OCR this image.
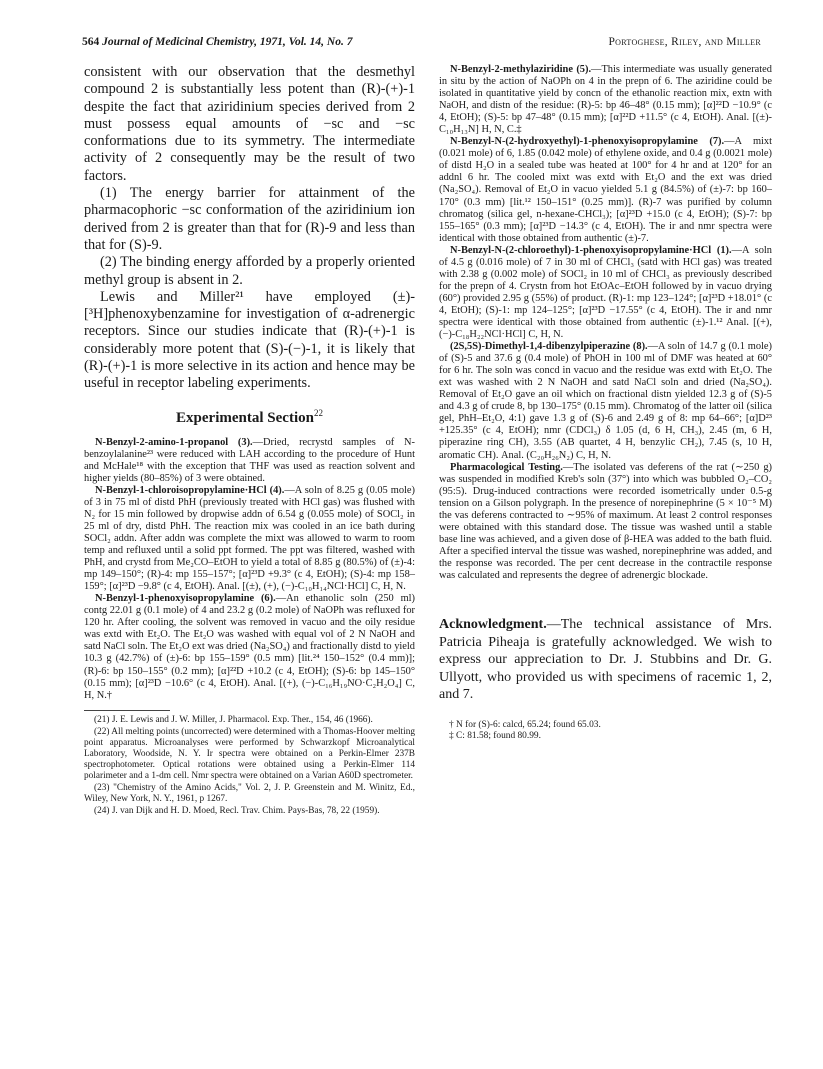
564 Journal of Medicinal Chemistry, 1971, Vol. 14, No. 7	Portoghese, Riley, and Miller

consistent with our observation that the desmethyl compound 2 is substantially less potent than (R)-(+)-1 despite the fact that aziridinium species derived from 2 must possess equal amounts of −sc and −sc conformations due to its symmetry. The intermediate activity of 2 consequently may be the result of two factors.

(1) The energy barrier for attainment of the pharmacophoric −sc conformation of the aziridinium ion derived from 2 is greater than that for (R)-9 and less than that for (S)-9.

(2) The binding energy afforded by a properly oriented methyl group is absent in 2.

Lewis and Miller²¹ have employed (±)-[³H]phenoxybenzamine for investigation of α-adrenergic receptors. Since our studies indicate that (R)-(+)-1 is considerably more potent that (S)-(−)-1, it is likely that (R)-(+)-1 is more selective in its action and hence may be useful in receptor labeling experiments.

Experimental Section$^{22}$

N-Benzyl-2-amino-1-propanol (3).—Dried, recrystd samples of N-benzoylalanine²³ were reduced with LAH according to the procedure of Hunt and McHale¹⁸ with the exception that THF was used as reaction solvent and higher yields (80–85%) of 3 were obtained.

N-Benzyl-1-chloroisopropylamine·HCl (4).—A soln of 8.25 g (0.05 mole) of 3 in 75 ml of distd PhH (previously treated with HCl gas) was flushed with N₂ for 15 min followed by dropwise addn of 6.54 g (0.055 mole) of SOCl₂ in 25 ml of dry, distd PhH. The reaction mix was cooled in an ice bath during SOCl₂ addn. After addn was complete the mixt was allowed to warm to room temp and refluxed until a solid ppt formed. The ppt was filtered, washed with PhH, and crystd from Me₂CO–EtOH to yield a total of 8.85 g (80.5%) of (±)-4: mp 149–150°; (R)-4: mp 155–157°; [α]²³D +9.3° (c 4, EtOH); (S)-4: mp 158–159°; [α]²³D −9.8° (c 4, EtOH). Anal. [(±), (+), (−)-C₁₀H₁₄NCl·HCl] C, H, N.

N-Benzyl-1-phenoxyisopropylamine (6).—An ethanolic soln (250 ml) contg 22.01 g (0.1 mole) of 4 and 23.2 g (0.2 mole) of NaOPh was refluxed for 120 hr. After cooling, the solvent was removed in vacuo and the oily residue was extd with Et₂O. The Et₂O was washed with equal vol of 2 N NaOH and satd NaCl soln. The Et₂O ext was dried (Na₂SO₄) and fractionally distd to yield 10.3 g (42.7%) of (±)-6: bp 155–159° (0.5 mm) [lit.²⁴ 150–152° (0.4 mm)]; (R)-6: bp 150–155° (0.2 mm); [α]²²D +10.2 (c 4, EtOH); (S)-6: bp 145–150° (0.15 mm); [α]²³D −10.6° (c 4, EtOH). Anal. [(+), (−)-C₁₆H₁₉NO·C₂H₂O₄] C, H, N.†

(21) J. E. Lewis and J. W. Miller, J. Pharmacol. Exp. Ther., 154, 46 (1966).

(22) All melting points (uncorrected) were determined with a Thomas-Hoover melting point apparatus. Microanalyses were performed by Schwarzkopf Microanalytical Laboratory, Woodside, N. Y. Ir spectra were obtained on a Perkin-Elmer 237B spectrophotometer. Optical rotations were obtained using a Perkin-Elmer 114 polarimeter and a 1-dm cell. Nmr spectra were obtained on a Varian A60D spectrometer.

(23) "Chemistry of the Amino Acids," Vol. 2, J. P. Greenstein and M. Winitz, Ed., Wiley, New York, N. Y., 1961, p 1267.

(24) J. van Dijk and H. D. Moed, Recl. Trav. Chim. Pays-Bas, 78, 22 (1959).

N-Benzyl-2-methylaziridine (5).—This intermediate was usually generated in situ by the action of NaOPh on 4 in the prepn of 6. The aziridine could be isolated in quantitative yield by concn of the ethanolic reaction mix, extn with NaOH, and distn of the residue: (R)-5: bp 46–48° (0.15 mm); [α]²²D −10.9° (c 4, EtOH); (S)-5: bp 47–48° (0.15 mm); [α]²²D +11.5° (c 4, EtOH). Anal. [(±)-C₁₀H₁₃N] H, N, C.‡

N-Benzyl-N-(2-hydroxyethyl)-1-phenoxyisopropylamine (7).—A mixt (0.021 mole) of 6, 1.85 (0.042 mole) of ethylene oxide, and 0.4 g (0.0021 mole) of distd H₂O in a sealed tube was heated at 100° for 4 hr and at 120° for an addnl 6 hr. The cooled mixt was extd with Et₂O and the ext was dried (Na₂SO₄). Removal of Et₂O in vacuo yielded 5.1 g (84.5%) of (±)-7: bp 160–170° (0.3 mm) [lit.¹² 150–151° (0.25 mm)]. (R)-7 was purified by column chromatog (silica gel, n-hexane-CHCl₃); [α]²³D +15.0 (c 4, EtOH); (S)-7: bp 155–165° (0.3 mm); [α]²³D −14.3° (c 4, EtOH). The ir and nmr spectra were identical with those obtained from authentic (±)-7.

N-Benzyl-N-(2-chloroethyl)-1-phenoxyisopropylamine·HCl (1).—A soln of 4.5 g (0.016 mole) of 7 in 30 ml of CHCl₃ (satd with HCl gas) was treated with 2.38 g (0.002 mole) of SOCl₂ in 10 ml of CHCl₃ as previously described for the prepn of 4. Crystn from hot EtOAc–EtOH followed by in vacuo drying (60°) provided 2.95 g (55%) of product. (R)-1: mp 123–124°; [α]²³D +18.01° (c 4, EtOH); (S)-1: mp 124–125°; [α]²³D −17.55° (c 4, EtOH). The ir and nmr spectra were identical with those obtained from authentic (±)-1.¹² Anal. [(+), (−)-C₁₈H₂₂NCl·HCl] C, H, N.

(2S,5S)-Dimethyl-1,4-dibenzylpiperazine (8).—A soln of 14.7 g (0.1 mole) of (S)-5 and 37.6 g (0.4 mole) of PhOH in 100 ml of DMF was heated at 60° for 6 hr. The soln was concd in vacuo and the residue was extd with Et₂O. The ext was washed with 2 N NaOH and satd NaCl soln and dried (Na₂SO₄). Removal of Et₂O gave an oil which on fractional distn yielded 12.3 g of (S)-5 and 4.3 g of crude 8, bp 130–175° (0.15 mm). Chromatog of the latter oil (silica gel, PhH–Et₂O, 4:1) gave 1.3 g of (S)-6 and 2.49 g of 8: mp 64–66°; [α]D²³ +125.35° (c 4, EtOH); nmr (CDCl₃) δ 1.05 (d, 6 H, CH₃), 2.45 (m, 6 H, piperazine ring CH), 3.55 (AB quartet, 4 H, benzylic CH₂), 7.45 (s, 10 H, aromatic CH). Anal. (C₂₀H₂₆N₂) C, H, N.

Pharmacological Testing.—The isolated vas deferens of the rat (∼250 g) was suspended in modified Kreb's soln (37°) into which was bubbled O₂–CO₂ (95:5). Drug-induced contractions were recorded isometrically under 0.5-g tension on a Gilson polygraph. In the presence of norepinephrine (5 × 10⁻⁵ M) the vas deferens contracted to ∼95% of maximum. At least 2 control responses were obtained with this standard dose. The tissue was washed until a stable base line was achieved, and a given dose of β-HEA was added to the bath fluid. After a specified interval the tissue was washed, norepinephrine was added, and the response was recorded. The per cent decrease in the contractile response was calculated and represents the degree of adrenergic blockade.

Acknowledgment.—The technical assistance of Mrs. Patricia Piheaja is gratefully acknowledged. We wish to express our appreciation to Dr. J. Stubbins and Dr. G. Ullyott, who provided us with specimens of racemic 1, 2, and 7.

† N for (S)-6: calcd, 65.24; found 65.03.

‡ C: 81.58; found 80.99.
